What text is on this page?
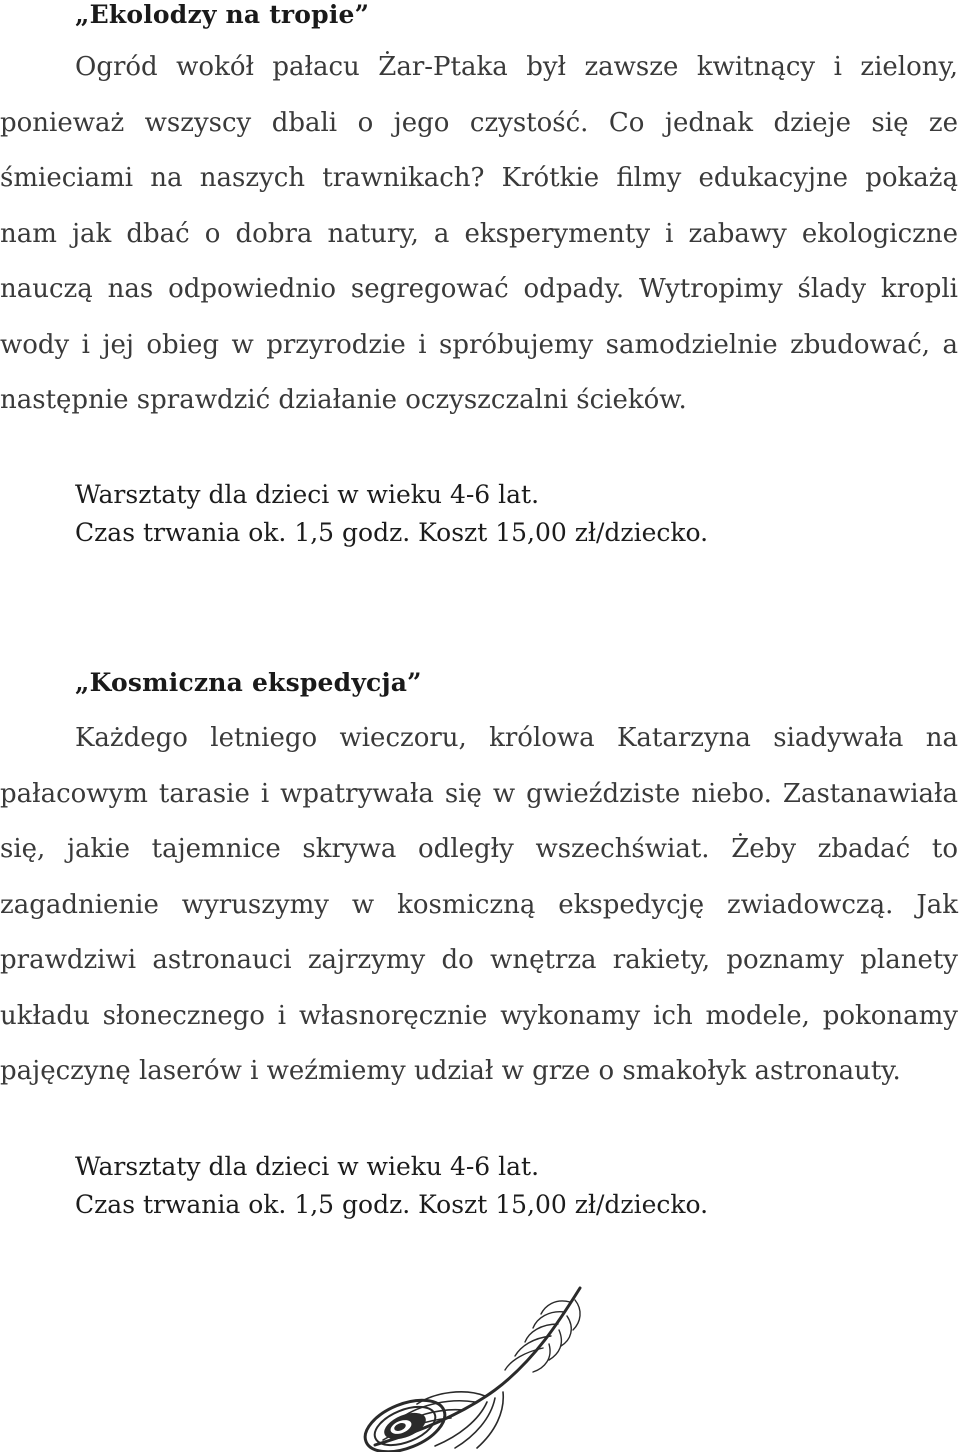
„Ekolodzy na tropie”
Ogród wokół pałacu Żar-Ptaka był zawsze kwitnący i zielony, ponieważ wszyscy dbali o jego czystość. Co jednak dzieje się ze śmieciami na naszych trawnikach? Krótkie filmy edukacyjne pokażą nam jak dbać o dobra natury, a eksperymenty i zabawy ekologiczne nauczą nas odpowiednio segregować odpady. Wytropimy ślady kropli wody i jej obieg w przyrodzie i spróbujemy samodzielnie zbudować, a następnie sprawdzić działanie oczyszczalni ścieków.
Warsztaty dla dzieci w wieku 4-6 lat.
Czas trwania ok. 1,5 godz. Koszt 15,00 zł/dziecko.
„Kosmiczna ekspedycja”
Każdego letniego wieczoru, królowa Katarzyna siadywała na pałacowym tarasie i wpatrywała się w gwieździste niebo. Zastanawiała się, jakie tajemnice skrywa odległy wszechświat. Żeby zbadać to zagadnienie wyruszymy w kosmiczną ekspedycję zwiadowczą. Jak prawdziwi astronauci zajrzymy do wnętrza rakiety, poznamy planety układu słonecznego i własnoręcznie wykonamy ich modele, pokonamy pajęczynę laserów i weźmiemy udział w grze o smakołyk astronauty.
Warsztaty dla dzieci w wieku 4-6 lat.
Czas trwania ok. 1,5 godz. Koszt 15,00 zł/dziecko.
